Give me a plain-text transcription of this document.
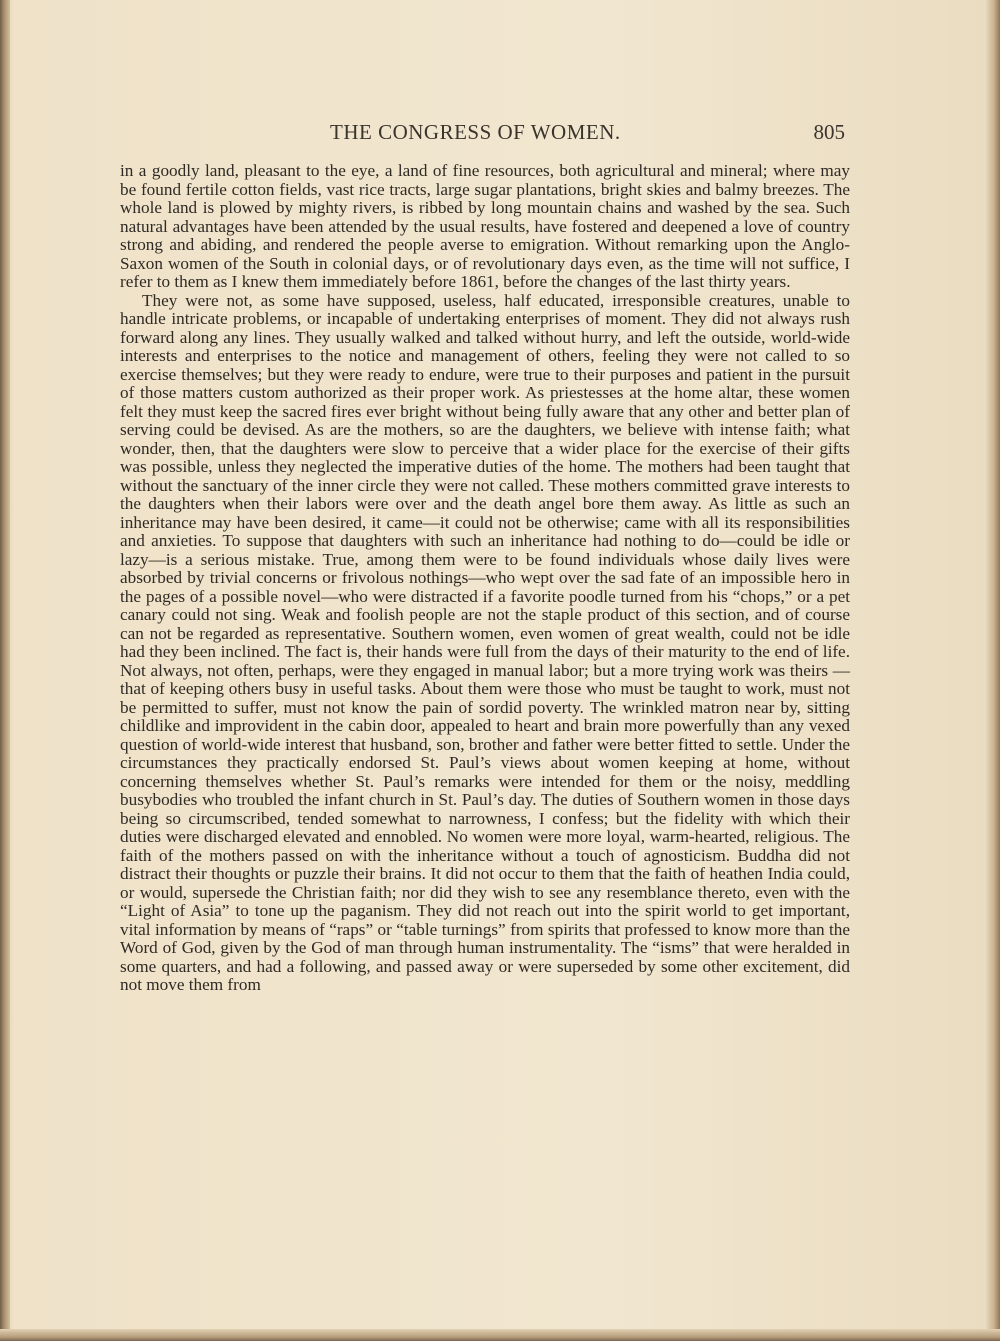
THE CONGRESS OF WOMEN.	805

in a goodly land, pleasant to the eye, a land of fine resources, both agricultural and mineral; where may be found fertile cotton fields, vast rice tracts, large sugar plantations, bright skies and balmy breezes. The whole land is plowed by mighty rivers, is ribbed by long mountain chains and washed by the sea. Such natural advantages have been attended by the usual results, have fostered and deepened a love of country strong and abiding, and rendered the people averse to emigration. Without remarking upon the Anglo-Saxon women of the South in colonial days, or of revolutionary days even, as the time will not suffice, I refer to them as I knew them immediately before 1861, before the changes of the last thirty years.

They were not, as some have supposed, useless, half educated, irresponsible creatures, unable to handle intricate problems, or incapable of undertaking enterprises of moment. They did not always rush forward along any lines. They usually walked and talked without hurry, and left the outside, world-wide interests and enterprises to the notice and management of others, feeling they were not called to so exercise themselves; but they were ready to endure, were true to their purposes and patient in the pursuit of those matters custom authorized as their proper work. As priestesses at the home altar, these women felt they must keep the sacred fires ever bright without being fully aware that any other and better plan of serving could be devised. As are the mothers, so are the daughters, we believe with intense faith; what wonder, then, that the daughters were slow to perceive that a wider place for the exercise of their gifts was possible, unless they neglected the imperative duties of the home. The mothers had been taught that without the sanctuary of the inner circle they were not called. These mothers committed grave interests to the daughters when their labors were over and the death angel bore them away. As little as such an inheritance may have been desired, it came—it could not be otherwise; came with all its responsibilities and anxieties. To suppose that daughters with such an inheritance had nothing to do—could be idle or lazy—is a serious mistake. True, among them were to be found individuals whose daily lives were absorbed by trivial concerns or frivolous nothings—who wept over the sad fate of an impossible hero in the pages of a possible novel—who were distracted if a favorite poodle turned from his “chops,” or a pet canary could not sing. Weak and foolish people are not the staple product of this section, and of course can not be regarded as representative. Southern women, even women of great wealth, could not be idle had they been inclined. The fact is, their hands were full from the days of their maturity to the end of life. Not always, not often, perhaps, were they engaged in manual labor; but a more trying work was theirs —that of keeping others busy in useful tasks. About them were those who must be taught to work, must not be permitted to suffer, must not know the pain of sordid poverty. The wrinkled matron near by, sitting childlike and improvident in the cabin door, appealed to heart and brain more powerfully than any vexed question of world-wide interest that husband, son, brother and father were better fitted to settle. Under the circumstances they practically endorsed St. Paul’s views about women keeping at home, without concerning themselves whether St. Paul’s remarks were intended for them or the noisy, meddling busybodies who troubled the infant church in St. Paul’s day. The duties of Southern women in those days being so circumscribed, tended somewhat to narrowness, I confess; but the fidelity with which their duties were discharged elevated and ennobled. No women were more loyal, warm-hearted, religious. The faith of the mothers passed on with the inheritance without a touch of agnosticism. Buddha did not distract their thoughts or puzzle their brains. It did not occur to them that the faith of heathen India could, or would, supersede the Christian faith; nor did they wish to see any resemblance thereto, even with the “Light of Asia” to tone up the paganism. They did not reach out into the spirit world to get important, vital information by means of “raps” or “table turnings” from spirits that professed to know more than the Word of God, given by the God of man through human instrumentality. The “isms” that were heralded in some quarters, and had a following, and passed away or were superseded by some other excitement, did not move them from
